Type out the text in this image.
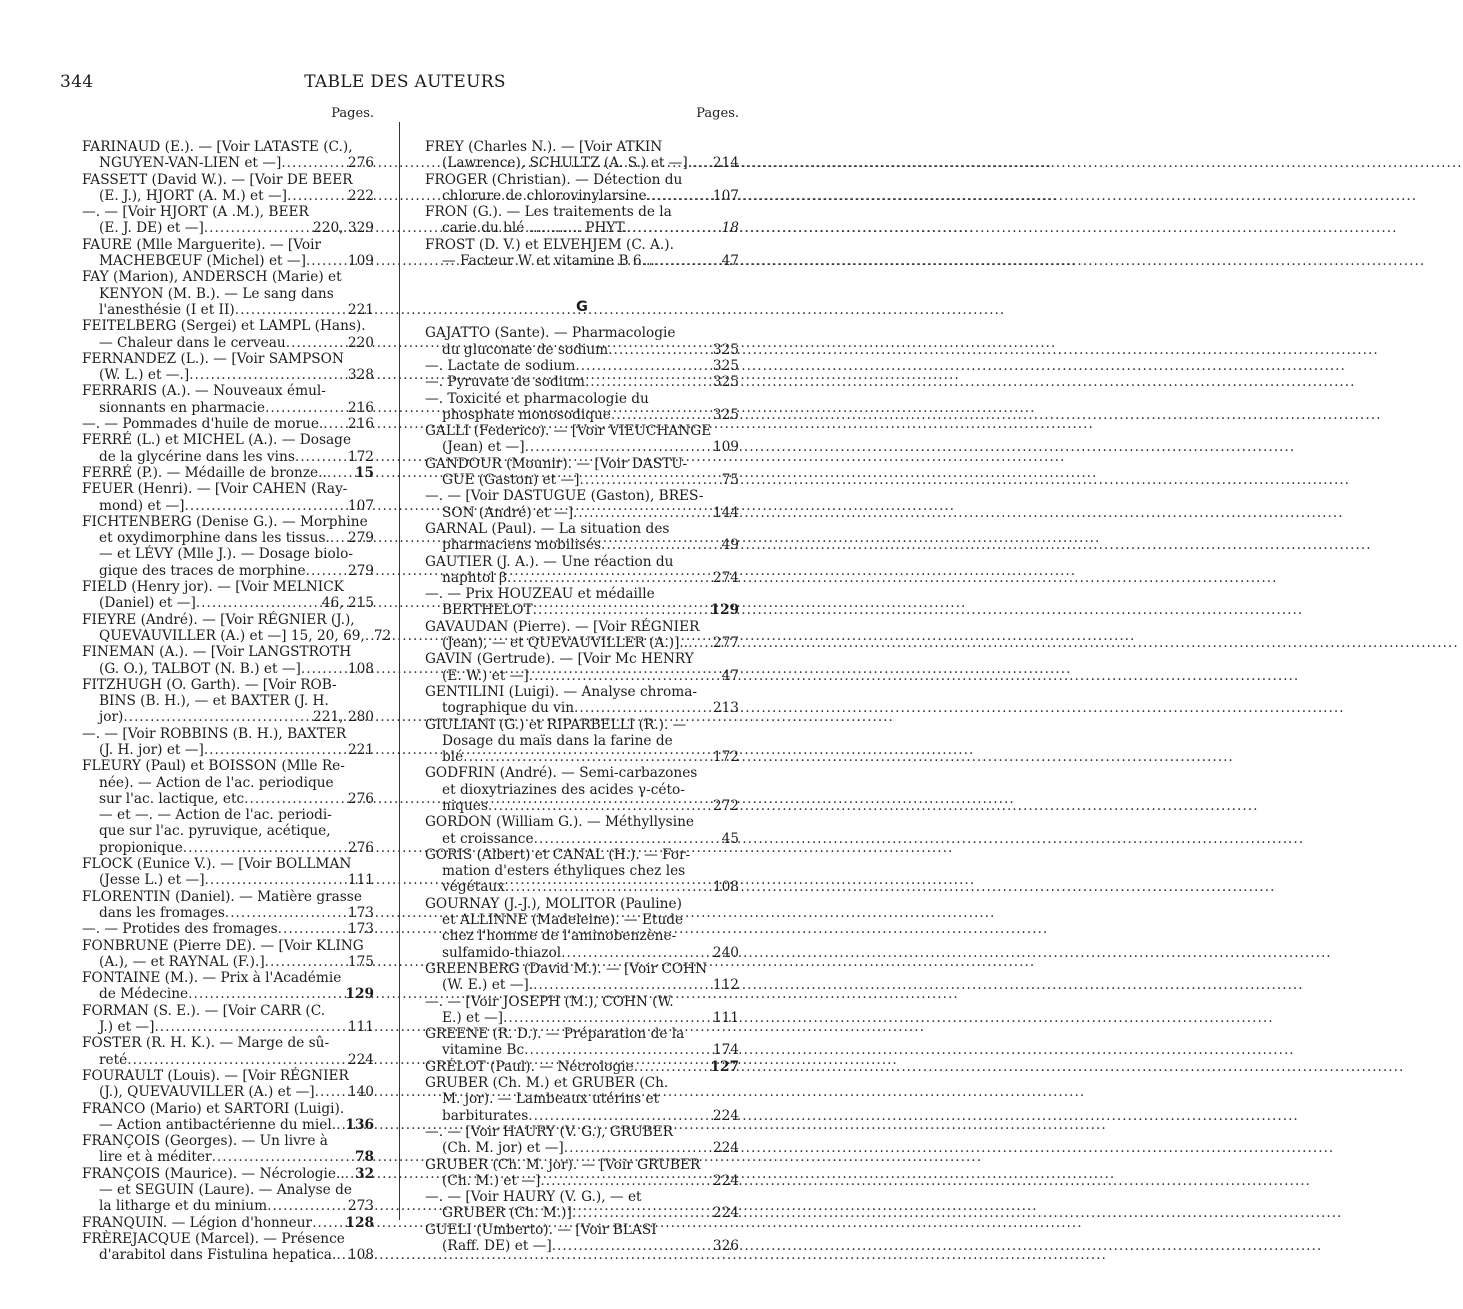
344	TABLE DES AUTEURS
Pages.
FARINAUD (E.). — [Voir LATASTE (C.),
NGUYEN-VAN-LIEN et —] .....	276
FASSETT (David W.). — [Voir DE BEER
(E. J.), HJORT (A. M.) et —] .....	222
—. — [Voir HJORT (A .M.), BEER
(E. J. DE) et —] .....	220, 329
FAURE (Mlle Marguerite). — [Voir
MACHEBŒUF (Michel) et —] .....	109
FAY (Marion), ANDERSCH (Marie) et
KENYON (M. B.). — Le sang dans
l'anesthésie (I et II) .....	221
FEITELBERG (Sergei) et LAMPL (Hans).
— Chaleur dans le cerveau .....	220
FERNANDEZ (L.). — [Voir SAMPSON
(W. L.) et —.] .....	328
FERRARIS (A.). — Nouveaux émul-
sionnants en pharmacie .....	216
—. — Pommades d'huile de morue. ..... 216
FERRÉ (L.) et MICHEL (A.). — Dosage
de la glycérine dans les vins .....	172
FERRÉ (P.). — Médaille de bronze.. ..... 15
FEUER (Henri). — [Voir CAHEN (Ray-
mond) et —] .....	107
FICHTENBERG (Denise G.). — Morphine
et oxydimorphine dans les tissus. ..... 279
— et LÉVY (Mlle J.). — Dosage biolo-
gique des traces de morphine .....	279
FIELD (Henry jor). — [Voir MELNICK
(Daniel) et —] .....	46, 215
FIEYRE (André). — [Voir RÉGNIER (J.),
QUEVAUVILLER (A.) et —] 15, 20, 69, ..... 72
FINEMAN (A.). — [Voir LANGSTROTH
(G. O.), TALBOT (N. B.) et —] .....	108
FITZHUGH (O. Garth). — [Voir ROB-
BINS (B. H.), — et BAXTER (J. H.
jor) .....	221, 280
—. — [Voir ROBBINS (B. H.), BAXTER
(J. H. jor) et —] .....	221
FLEURY (Paul) et BOISSON (Mlle Re-
née). — Action de l'ac. periodique
sur l'ac. lactique, etc .....	276
— et —. — Action de l'ac. periodi-
que sur l'ac. pyruvique, acétique,
propionique .....	276
FLOCK (Eunice V.). — [Voir BOLLMAN
(Jesse L.) et —] .....	111
FLORENTIN (Daniel). — Matière grasse
dans les fromages .....	173
—. — Protides des fromages .....	173
FONBRUNE (Pierre DE). — [Voir KLING
(A.), — et RAYNAL (F.).] .....	175
FONTAINE (M.). — Prix à l'Académie
de Médecine .....	129
FORMAN (S. E.). — [Voir CARR (C.
J.) et —] .....	111
FOSTER (R. H. K.). — Marge de sû-
reté .....	224
FOURAULT (Louis). — [Voir RÉGNIER
(J.), QUEVAUVILLER (A.) et —] ..... 140
FRANCO (Mario) et SARTORI (Luigi).
— Action antibactérienne du miel. ..... 136
FRANÇOIS (Georges). — Un livre à
lire et à méditer .....	78
FRANÇOIS (Maurice). — Nécrologie.. ..... 32
— et SEGUIN (Laure). — Analyse de
la litharge et du minium .....	273
FRANQUIN. — Légion d'honneur ..... 128
FRÈREJACQUE (Marcel). — Présence
d'arabitol dans Fistulina hepatica. ..... 108
Pages.
FREY (Charles N.). — [Voir ATKIN
(Lawrence), SCHULTZ (A. S.) et —]. ..... 214
FROGER (Christian). — Détection du
chlorure de chlorovinylarsine .....	107
FRON (G.). — Les traitements de la
carie du blé ............ PHYT. .....	18
FROST (D. V.) et ELVEHJEM (C. A.).
— Facteur W et vitamine B 6... .....	47
G
GAJATTO (Sante). — Pharmacologie
du gluconate de sodium .....	325
—. Lactate de sodium .....	325
—. Pyruvate de sodium .....	325
—. Toxicité et pharmacologie du
phosphate monosodique .....	325
GALLI (Federico). — [Voir VIEUCHANGE
(Jean) et —] .....	109
GANDOUR (Mounir). — [Voir DASTU-
GUE (Gaston) et —] .....	75
—. — [Voir DASTUGUE (Gaston), BRES-
SON (André) et —] .....	144
GARNAL (Paul). — La situation des
pharmaciens mobilisés .....	49
GAUTIER (J. A.). — Une réaction du
naphtol β .....	274
—. — Prix HOUZEAU et médaille
BERTHELOT .....	129
GAVAUDAN (Pierre). — [Voir RÉGNIER
(Jean), — et QUEVAUVILLER (A.)].. ..... 277
GAVIN (Gertrude). — [Voir Mc HENRY
(E. W.) et —] .....	47
GENTILINI (Luigi). — Analyse chroma-
tographique du vin .....	213
GIULIANI (G.) et RIPARBELLI (R.). —
Dosage du maïs dans la farine de
blé .....	172
GODFRIN (André). — Semi-carbazones
et dioxytriazines des acides γ-céto-
niques .....	272
GORDON (William G.). — Méthyllysine
et croissance .....	45
GORIS (Albert) et CANAL (H.). — For-
mation d'esters éthyliques chez les
végétaux .....	108
GOURNAY (J.-J.), MOLITOR (Pauline)
et ALLINNE (Madeleine). — Etude
chez l'homme de l'aminobenzène-
sulfamido-thiazol .....	240
GREENBERG (David M.). — [Voir COHN
(W. E.) et —]. .....	112
—. — [Voir JOSEPH (M.), COHN (W.
E.) et —] .....	111
GREENE (R. D.). — Préparation de la
vitamine Bc .....	174
GRÉLOT (Paul). — Nécrologie .....	127
GRUBER (Ch. M.) et GRUBER (Ch.
M. jor). — Lambeaux utérins et
barbiturates .....	224
—. — [Voir HAURY (V. G.), GRUBER
(Ch. M. jor) et —] .....	224
GRUBER (Ch. M. jor). — [Voir GRUBER
(Ch. M.) et —] .....	224
—. — [Voir HAURY (V. G.), — et
GRUBER (Ch. M.)] .....	224
GUELI (Umberto). — [Voir BLASI
(Raff. DE) et —] .....	326
